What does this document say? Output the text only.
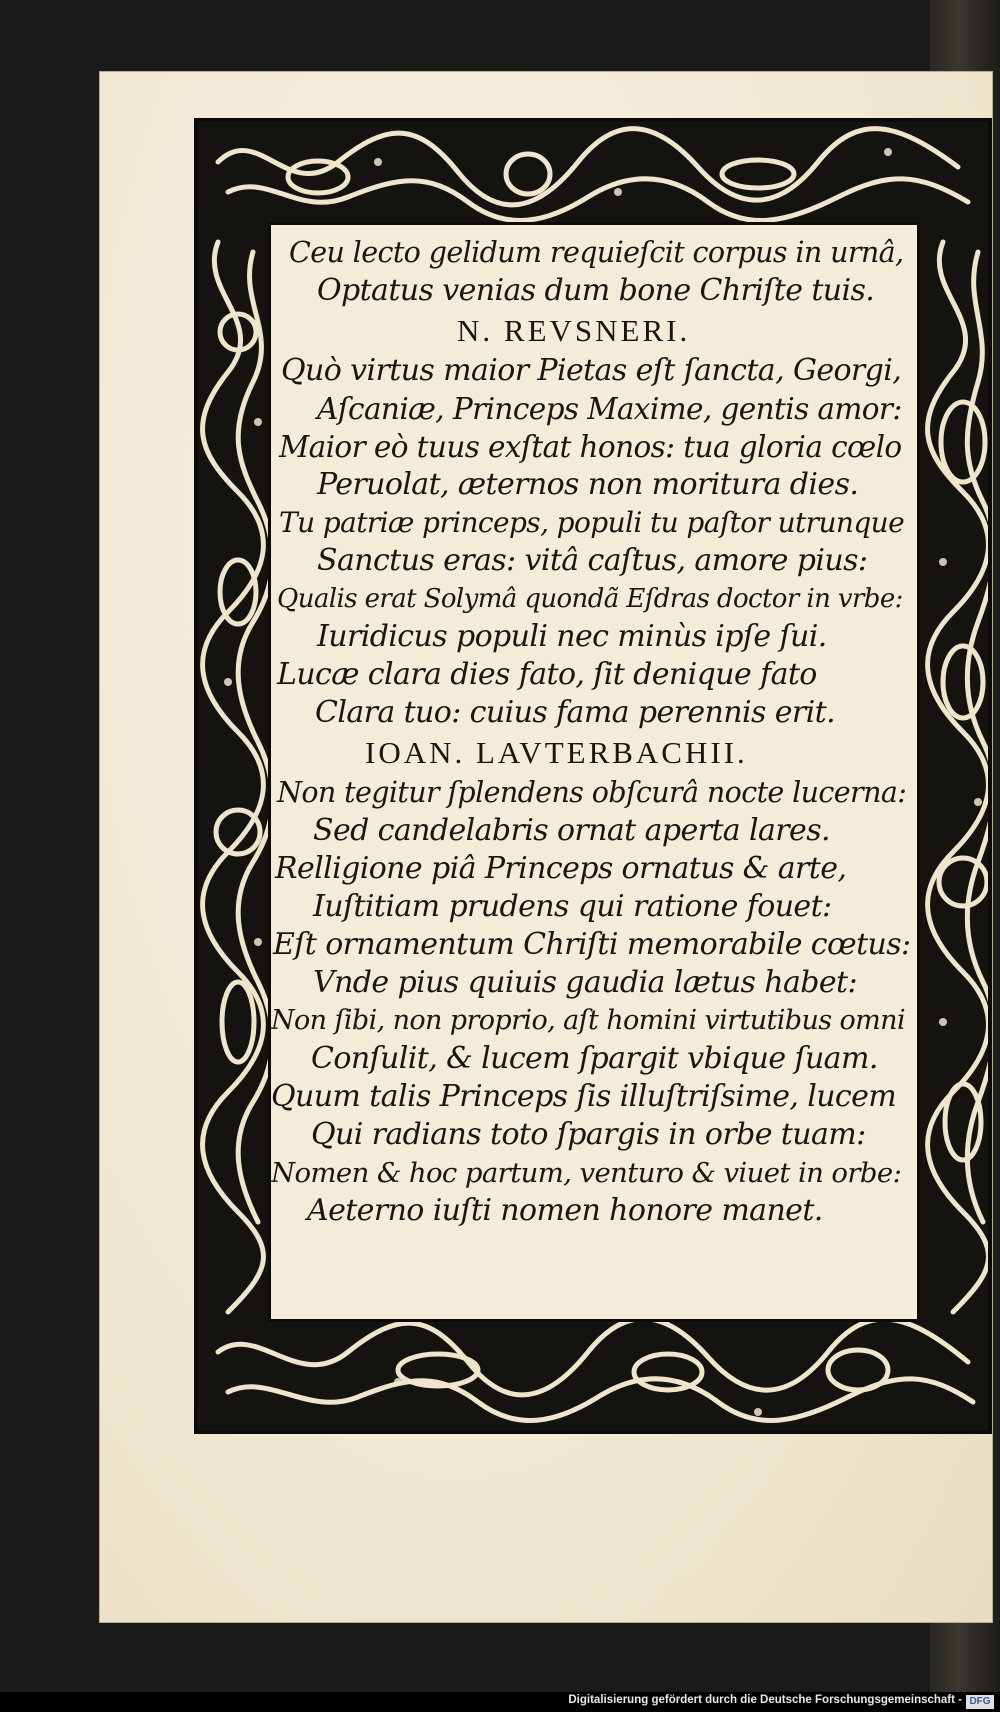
Ceu lecto gelidum requieſcit corpus in urnâ,
Optatus venias dum bone Chriſte tuis.
N. REVSNERI.
Quò virtus maior Pietas eſt ſancta, Georgi,
Aſcaniæ, Princeps Maxime, gentis amor:
Maior eò tuus exſtat honos: tua gloria cœlo
Peruolat, æternos non moritura dies.
Tu patriæ princeps, populi tu paſtor utrunque
Sanctus eras: vitâ caſtus, amore pius:
Qualis erat Solymâ quondã Eſdras doctor in vrbe:
Iuridicus populi nec minùs ipſe ſui.
Lucæ clara dies fato, ſit denique fato
Clara tuo: cuius fama perennis erit.
IOAN. LAVTERBACHII.
Non tegitur ſplendens obſcurâ nocte lucerna:
Sed candelabris ornat aperta lares.
Relligione piâ Princeps ornatus & arte,
Iuſtitiam prudens qui ratione fouet:
Eſt ornamentum Chriſti memorabile cœtus:
Vnde pius quiuis gaudia lætus habet:
Non ſibi, non proprio, aſt homini virtutibus omni
Conſulit, & lucem ſpargit vbique ſuam.
Quum talis Princeps ſis illuſtriſsime, lucem
Qui radians toto ſpargis in orbe tuam:
Nomen & hoc partum, venturo & viuet in orbe:
Aeterno iuſti nomen honore manet.
Digitalisierung gefördert durch die Deutsche Forschungsgemeinschaft - DFG
